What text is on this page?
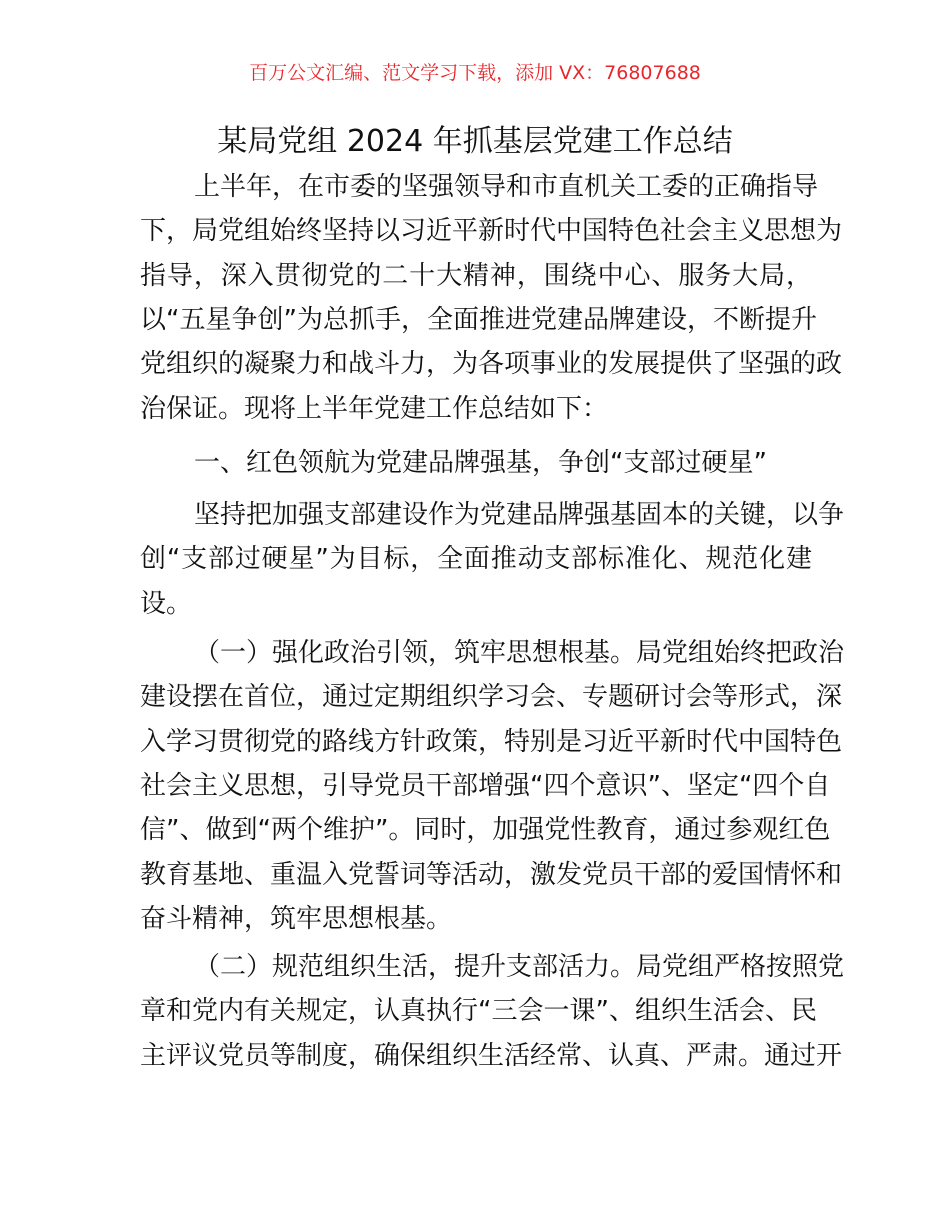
百万公文汇编、范文学习下载，添加 VX：76807688
某局党组 2024 年抓基层党建工作总结
上半年，在市委的坚强领导和市直机关工委的正确指导
下，局党组始终坚持以习近平新时代中国特色社会主义思想为
指导，深入贯彻党的二十大精神，围绕中心、服务大局，
以“五星争创”为总抓手，全面推进党建品牌建设，不断提升
党组织的凝聚力和战斗力，为各项事业的发展提供了坚强的政
治保证。现将上半年党建工作总结如下：
一、红色领航为党建品牌强基，争创“支部过硬星”
坚持把加强支部建设作为党建品牌强基固本的关键，以争
创“支部过硬星”为目标，全面推动支部标准化、规范化建
设。
（一）强化政治引领，筑牢思想根基。局党组始终把政治
建设摆在首位，通过定期组织学习会、专题研讨会等形式，深
入学习贯彻党的路线方针政策，特别是习近平新时代中国特色
社会主义思想，引导党员干部增强“四个意识”、坚定“四个自
信”、做到“两个维护”。同时，加强党性教育，通过参观红色
教育基地、重温入党誓词等活动，激发党员干部的爱国情怀和
奋斗精神，筑牢思想根基。
（二）规范组织生活，提升支部活力。局党组严格按照党
章和党内有关规定，认真执行“三会一课”、组织生活会、民
主评议党员等制度，确保组织生活经常、认真、严肃。通过开
